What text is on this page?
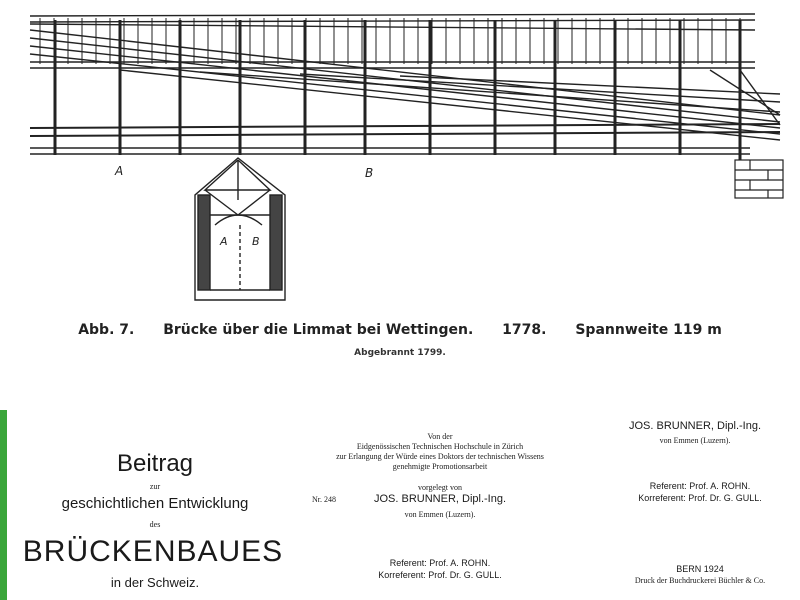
A	B
A B
Abb. 7. Brücke über die Limmat bei Wettingen. 1778. Spannweite 119 m
Abgebrannt 1799.
Beitrag
zur
geschichtlichen Entwicklung
des
BRÜCKENBAUES
in der Schweiz.
Von der
Eidgenössischen Technischen Hochschule in Zürich
zur Erlangung der Würde eines Doktors der technischen Wissens
genehmigte Promotionsarbeit
Nr. 248
vorgelegt von
JOS. BRUNNER, Dipl.-Ing.
von Emmen (Luzern).
Referent: Prof. A. ROHN.
Korreferent: Prof. Dr. G. GULL.
JOS. BRUNNER, Dipl.-Ing.
von Emmen (Luzern).
Referent: Prof. A. ROHN.
Korreferent: Prof. Dr. G. GULL.
BERN 1924
Druck der Buchdruckerei Büchler & Co.
